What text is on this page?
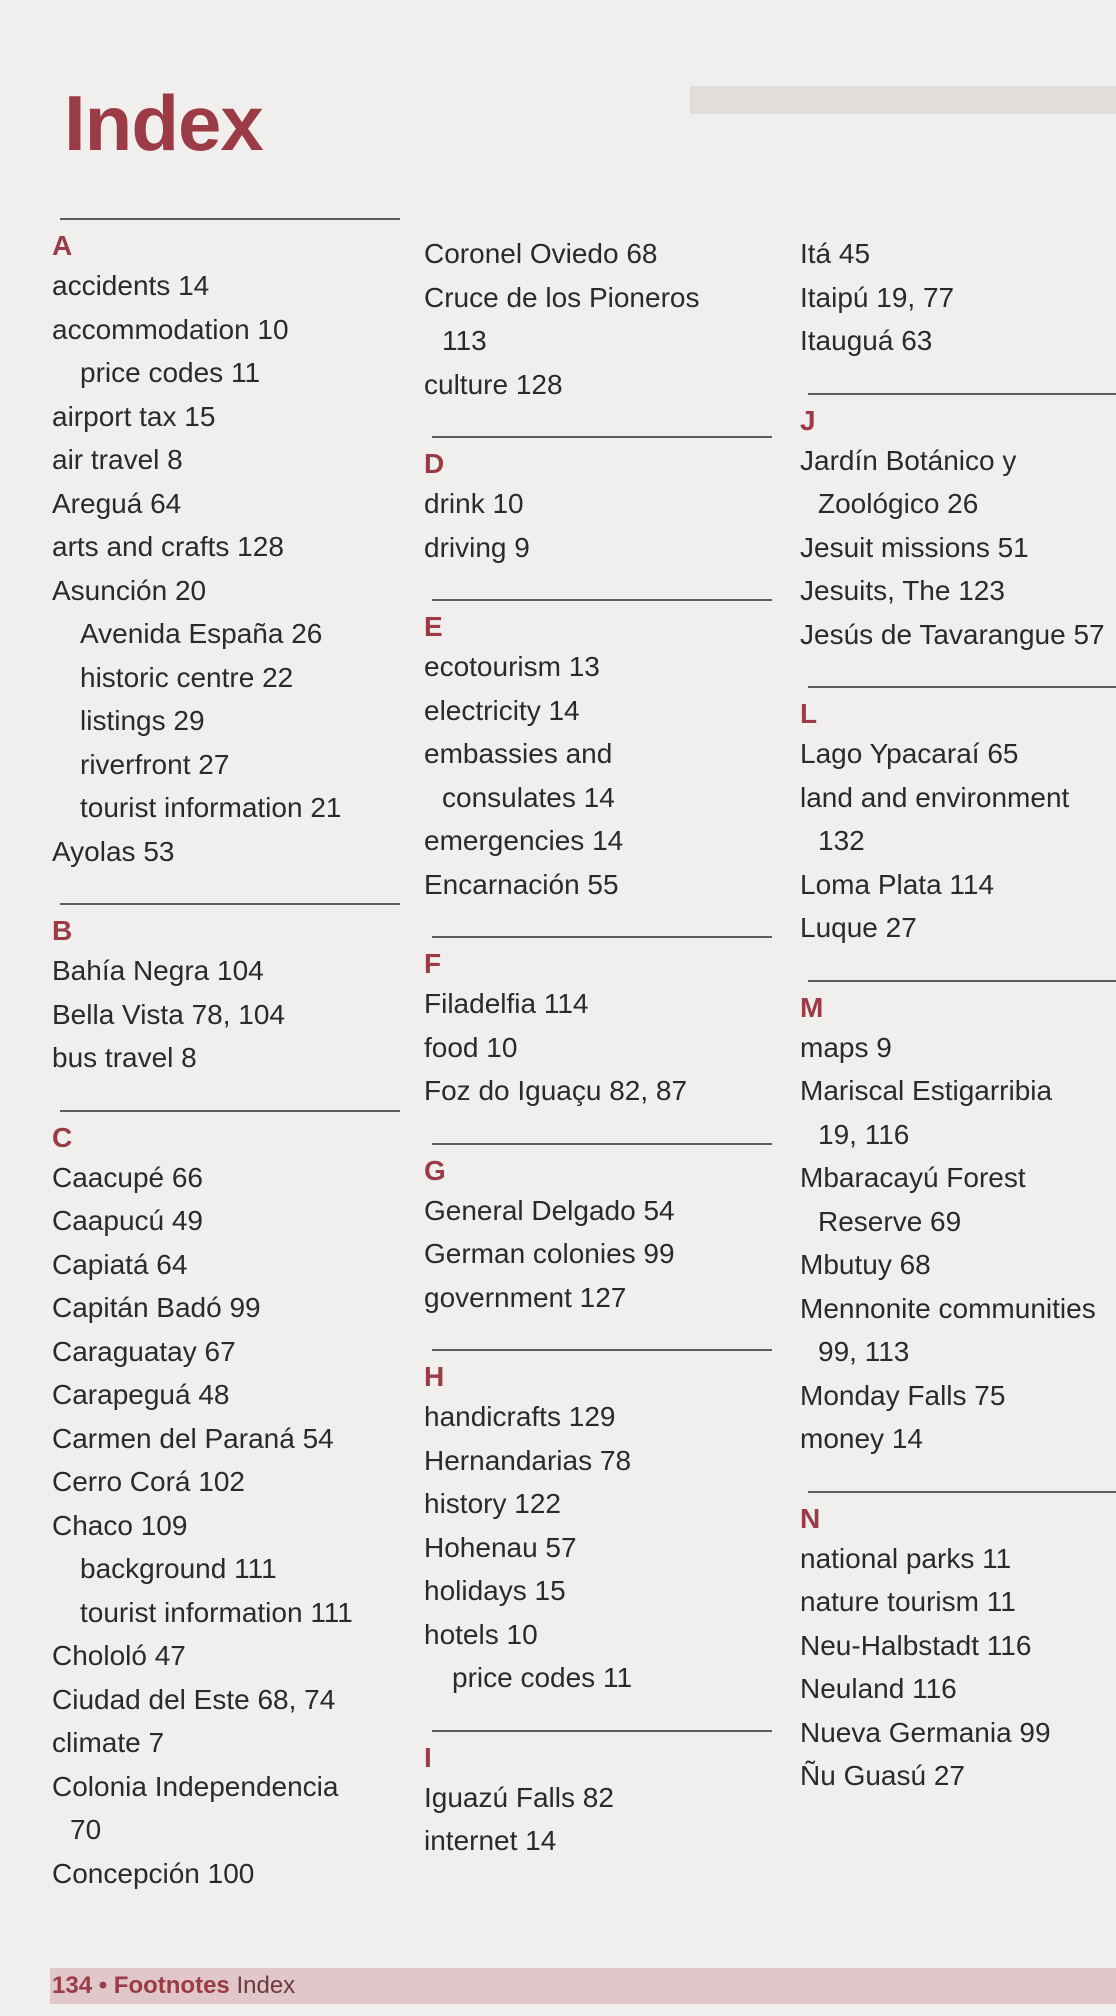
Index
A
accidents 14
accommodation 10
price codes 11
airport tax 15
air travel 8
Areguá 64
arts and crafts 128
Asunción 20
Avenida España 26
historic centre 22
listings 29
riverfront 27
tourist information 21
Ayolas 53
B
Bahía Negra 104
Bella Vista 78, 104
bus travel 8
C
Caacupé 66
Caapucú 49
Capiatá 64
Capitán Badó 99
Caraguatay 67
Carapeguá 48
Carmen del Paraná 54
Cerro Corá 102
Chaco 109
background 111
tourist information 111
Chololó 47
Ciudad del Este 68, 74
climate 7
Colonia Independencia
70
Concepción 100
Coronel Oviedo 68
Cruce de los Pioneros
113
culture 128
D
drink 10
driving 9
E
ecotourism 13
electricity 14
embassies and
consulates 14
emergencies 14
Encarnación 55
F
Filadelfia 114
food 10
Foz do Iguaçu 82, 87
G
General Delgado 54
German colonies 99
government 127
H
handicrafts 129
Hernandarias 78
history 122
Hohenau 57
holidays 15
hotels 10
price codes 11
I
Iguazú Falls 82
internet 14
Itá 45
Itaipú 19, 77
Itauguá 63
J
Jardín Botánico y
Zoológico 26
Jesuit missions 51
Jesuits, The 123
Jesús de Tavarangue 57
L
Lago Ypacaraí 65
land and environment
132
Loma Plata 114
Luque 27
M
maps 9
Mariscal Estigarribia
19, 116
Mbaracayú Forest
Reserve 69
Mbutuy 68
Mennonite communities
99, 113
Monday Falls 75
money 14
N
national parks 11
nature tourism 11
Neu-Halbstadt 116
Neuland 116
Nueva Germania 99
Ñu Guasú 27
134 • Footnotes Index
